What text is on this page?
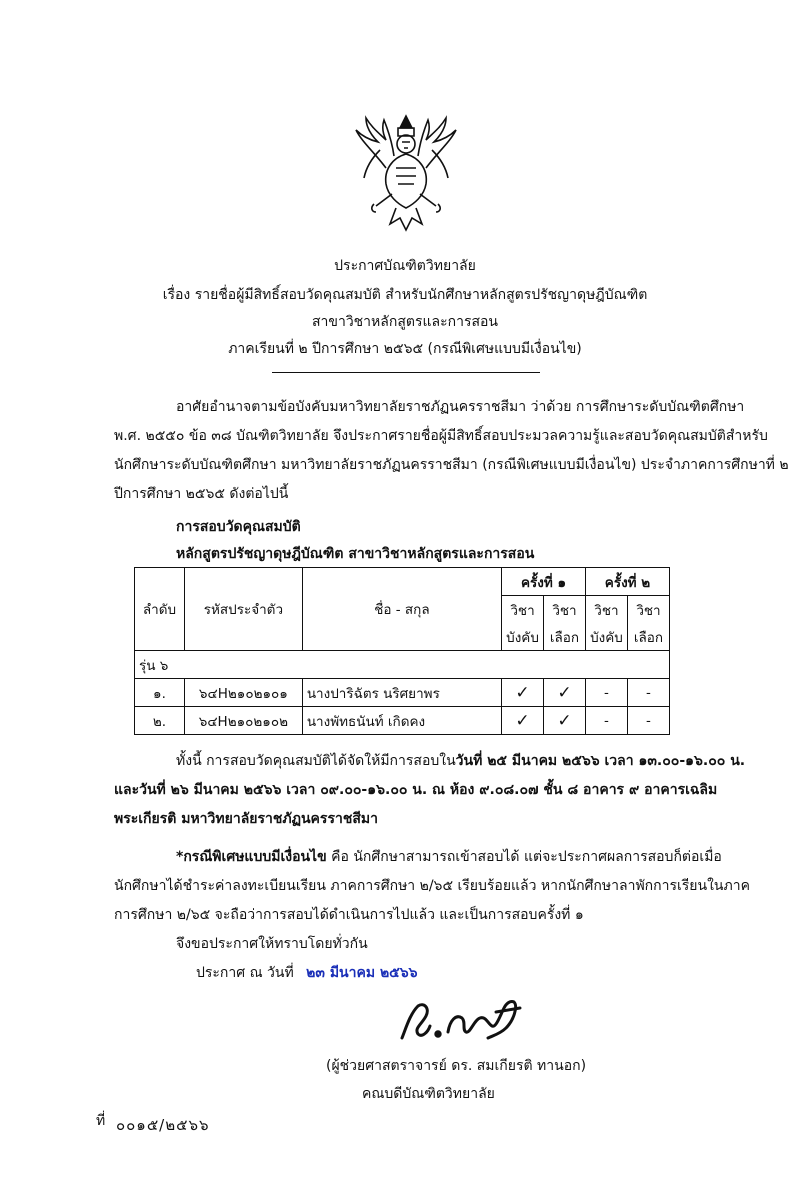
ประกาศบัณฑิตวิทยาลัย
เรื่อง รายชื่อผู้มีสิทธิ์สอบวัดคุณสมบัติ สำหรับนักศึกษาหลักสูตรปรัชญาดุษฎีบัณฑิต
สาขาวิชาหลักสูตรและการสอน
ภาคเรียนที่ ๒ ปีการศึกษา ๒๕๖๕ (กรณีพิเศษแบบมีเงื่อนไข)
อาศัยอำนาจตามข้อบังคับมหาวิทยาลัยราชภัฏนครราชสีมา ว่าด้วย การศึกษาระดับบัณฑิตศึกษา
พ.ศ. ๒๕๕๐ ข้อ ๓๘ บัณฑิตวิทยาลัย จึงประกาศรายชื่อผู้มีสิทธิ์สอบประมวลความรู้และสอบวัดคุณสมบัติสำหรับ
นักศึกษาระดับบัณฑิตศึกษา มหาวิทยาลัยราชภัฏนครราชสีมา (กรณีพิเศษแบบมีเงื่อนไข) ประจำภาคการศึกษาที่ ๒
ปีการศึกษา ๒๕๖๕ ดังต่อไปนี้
การสอบวัดคุณสมบัติ
หลักสูตรปรัชญาดุษฎีบัณฑิต สาขาวิชาหลักสูตรและการสอน
ลำดับ	รหัสประจำตัว	ชื่อ - สกุล	ครั้งที่ ๑		ครั้งที่ ๒	
			วิชา	วิชา	วิชา	วิชา
			บังคับ	เลือก	บังคับ	เลือก
รุ่น ๖						
๑.	๖๔H๒๑๐๒๑๐๑	นางปาริฉัตร นริศยาพร	✓	✓	-	-
๒.	๖๔H๒๑๐๒๑๐๒	นางพัทธนันท์ เกิดคง	✓	✓	-	-
ทั้งนี้ การสอบวัดคุณสมบัติได้จัดให้มีการสอบในวันที่ ๒๕ มีนาคม ๒๕๖๖ เวลา ๑๓.๐๐-๑๖.๐๐ น.
และวันที่ ๒๖ มีนาคม ๒๕๖๖ เวลา ๐๙.๐๐-๑๖.๐๐ น. ณ ห้อง ๙.๐๘.๐๗ ชั้น ๘ อาคาร ๙ อาคารเฉลิม
พระเกียรติ มหาวิทยาลัยราชภัฏนครราชสีมา
*กรณีพิเศษแบบมีเงื่อนไข คือ นักศึกษาสามารถเข้าสอบได้ แต่จะประกาศผลการสอบก็ต่อเมื่อ
นักศึกษาได้ชำระค่าลงทะเบียนเรียน ภาคการศึกษา ๒/๖๕ เรียบร้อยแล้ว หากนักศึกษาลาพักการเรียนในภาค
การศึกษา ๒/๖๕ จะถือว่าการสอบได้ดำเนินการไปแล้ว และเป็นการสอบครั้งที่ ๑
จึงขอประกาศให้ทราบโดยทั่วกัน
ประกาศ ณ วันที่ ๒๓ มีนาคม ๒๕๖๖
(ผู้ช่วยศาสตราจารย์ ดร. สมเกียรติ ทานอก)
คณบดีบัณฑิตวิทยาลัย
ที่ ๐๐๑๕/๒๕๖๖
